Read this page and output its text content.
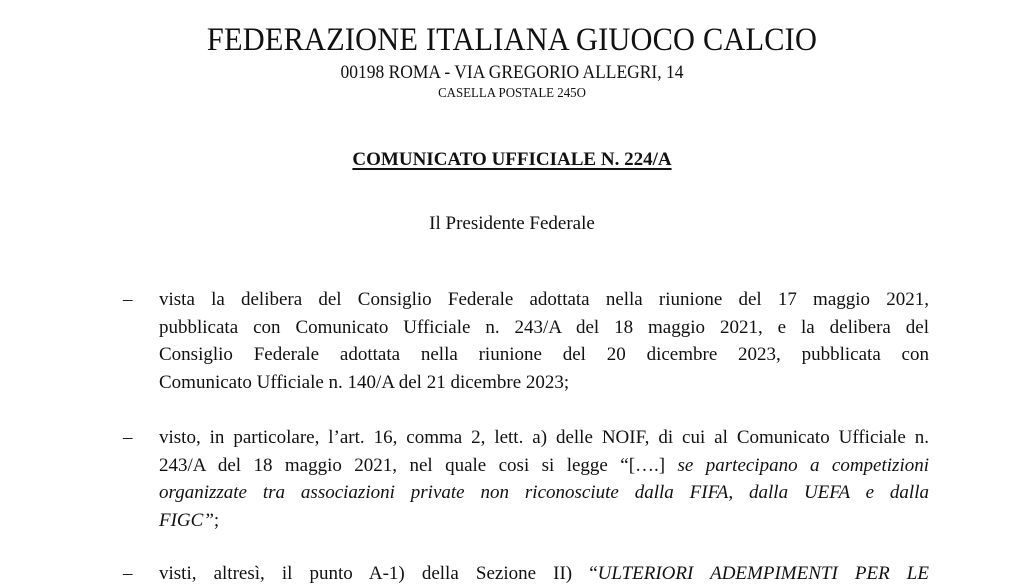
FEDERAZIONE ITALIANA GIUOCO CALCIO
00198 ROMA - VIA GREGORIO ALLEGRI, 14
CASELLA POSTALE 245O
COMUNICATO UFFICIALE N. 224/A
Il Presidente Federale
– vista la delibera del Consiglio Federale adottata nella riunione del 17 maggio 2021,
pubblicata con Comunicato Ufficiale n. 243/A del 18 maggio 2021, e la delibera del
Consiglio Federale adottata nella riunione del 20 dicembre 2023, pubblicata con
Comunicato Ufficiale n. 140/A del 21 dicembre 2023;
– visto, in particolare, l’art. 16, comma 2, lett. a) delle NOIF, di cui al Comunicato Ufficiale n.
243/A del 18 maggio 2021, nel quale cosi si legge “[….] se partecipano a competizioni
organizzate tra associazioni private non riconosciute dalla FIFA, dalla UEFA e dalla
FIGC”;
– visti, altresì, il punto A-1) della Sezione II) “ULTERIORI ADEMPIMENTI PER LE
